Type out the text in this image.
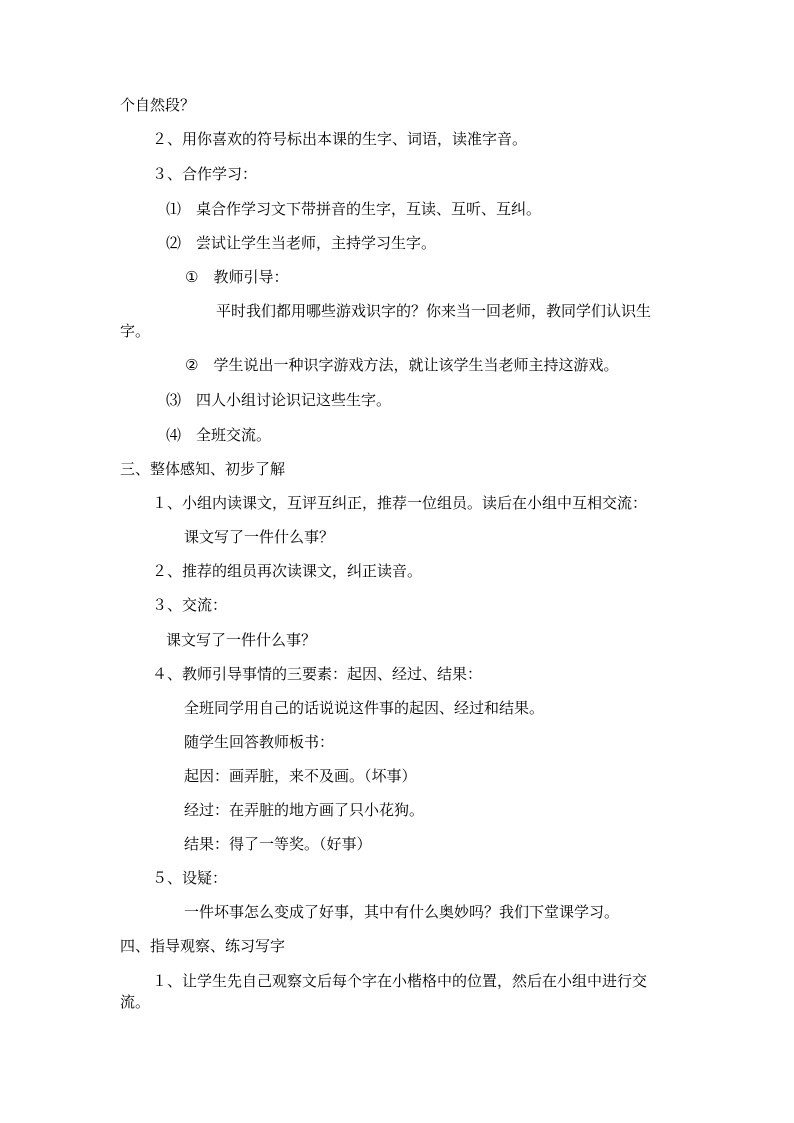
个自然段？
２、用你喜欢的符号标出本课的生字、词语，读准字音。
３、合作学习：
⑴　桌合作学习文下带拼音的生字，互读、互听、互纠。
⑵　尝试让学生当老师，主持学习生字。
①　教师引导：
平时我们都用哪些游戏识字的？你来当一回老师，教同学们认识生
字。
②　学生说出一种识字游戏方法，就让该学生当老师主持这游戏。
⑶　四人小组讨论识记这些生字。
⑷　全班交流。
三、整体感知、初步了解
１、小组内读课文，互评互纠正，推荐一位组员。读后在小组中互相交流：
课文写了一件什么事？
２、推荐的组员再次读课文，纠正读音。
３、交流：
课文写了一件什么事？
４、教师引导事情的三要素：起因、经过、结果：
全班同学用自己的话说说这件事的起因、经过和结果。
随学生回答教师板书：
起因：画弄脏，来不及画。（坏事）
经过：在弄脏的地方画了只小花狗。
结果：得了一等奖。（好事）
５、设疑：
一件坏事怎么变成了好事，其中有什么奥妙吗？我们下堂课学习。
四、指导观察、练习写字
１、让学生先自己观察文后每个字在小楷格中的位置，然后在小组中进行交
流。
